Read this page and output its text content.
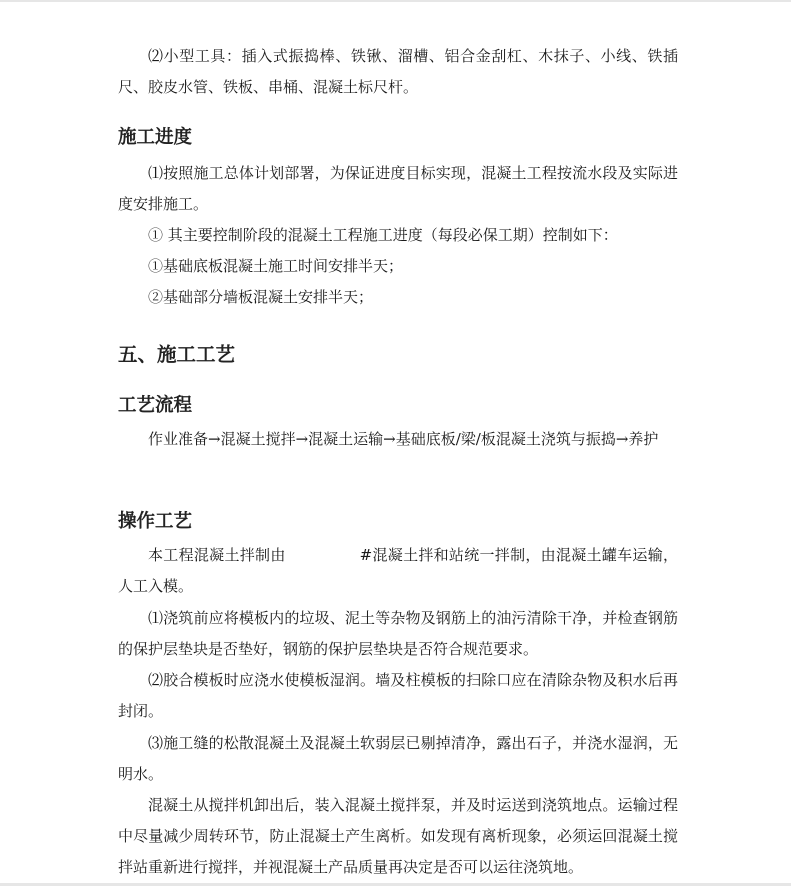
⑵小型工具：插入式振捣棒、铁锹、溜槽、铝合金刮杠、木抹子、小线、铁插尺、胶皮水管、铁板、串桶、混凝土标尺杆。

施工进度

⑴按照施工总体计划部署，为保证进度目标实现，混凝土工程按流水段及实际进度安排施工。

① 其主要控制阶段的混凝土工程施工进度（每段必保工期）控制如下：

①基础底板混凝土施工时间安排半天；

②基础部分墙板混凝土安排半天；

五、施工工艺
工艺流程

作业准备→混凝土搅拌→混凝土运输→基础底板/梁/板混凝土浇筑与振捣→养护

操作工艺

本工程混凝土拌制由	#混凝土拌和站统一拌制，由混凝土罐车运输，人工入模。

⑴浇筑前应将模板内的垃圾、泥土等杂物及钢筋上的油污清除干净，并检查钢筋的保护层垫块是否垫好，钢筋的保护层垫块是否符合规范要求。

⑵胶合模板时应浇水使模板湿润。墙及柱模板的扫除口应在清除杂物及积水后再封闭。

⑶施工缝的松散混凝土及混凝土软弱层已剔掉清净，露出石子，并浇水湿润，无明水。

混凝土从搅拌机卸出后，装入混凝土搅拌泵，并及时运送到浇筑地点。运输过程中尽量减少周转环节，防止混凝土产生离析。如发现有离析现象，必须运回混凝土搅拌站重新进行搅拌，并视混凝土产品质量再决定是否可以运往浇筑地。
